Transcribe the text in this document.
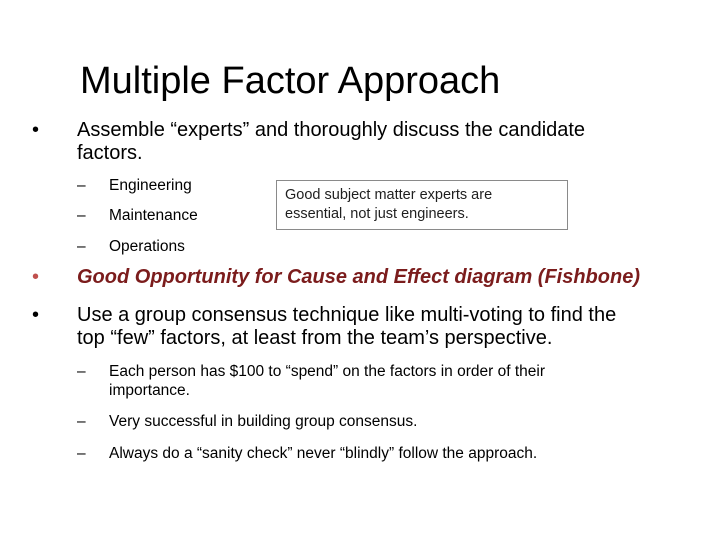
Multiple Factor Approach
• Assemble “experts” and thoroughly discuss the candidate
factors.
– Engineering
– Maintenance
– Operations
Good subject matter experts are
essential, not just engineers.
• Good Opportunity for Cause and Effect diagram (Fishbone)
• Use a group consensus technique like multi-voting to find the
top “few” factors, at least from the team’s perspective.
– Each person has $100 to “spend” on the factors in order of their
importance.
– Very successful in building group consensus.
– Always do a “sanity check” never “blindly” follow the approach.
